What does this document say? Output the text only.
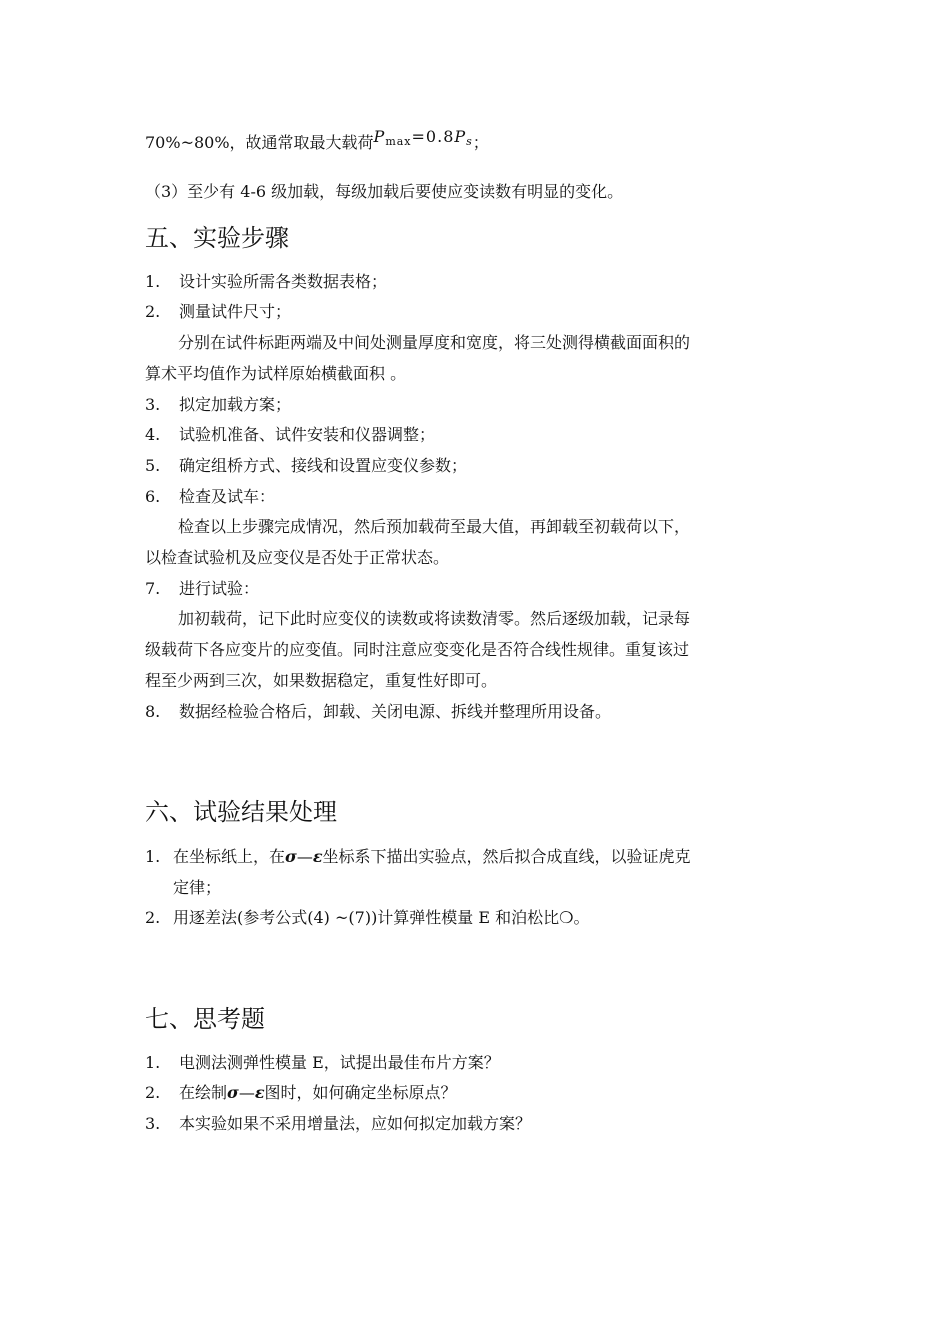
70%~80%，故通常取最大载荷Pmax=0.8Ps；
（3）至少有 4-6 级加载，每级加载后要使应变读数有明显的变化。
五、实验步骤
1. 设计实验所需各类数据表格；
2. 测量试件尺寸；
分别在试件标距两端及中间处测量厚度和宽度，将三处测得横截面面积的
算术平均值作为试样原始横截面积 。
3. 拟定加载方案；
4. 试验机准备、试件安装和仪器调整；
5. 确定组桥方式、接线和设置应变仪参数；
6. 检查及试车：
检查以上步骤完成情况，然后预加载荷至最大值，再卸载至初载荷以下，
以检查试验机及应变仪是否处于正常状态。
7. 进行试验：
加初载荷，记下此时应变仪的读数或将读数清零。然后逐级加载，记录每
级载荷下各应变片的应变值。同时注意应变变化是否符合线性规律。重复该过
程至少两到三次，如果数据稳定，重复性好即可。
8. 数据经检验合格后，卸载、关闭电源、拆线并整理所用设备。
六、试验结果处理
1. 在坐标纸上，在σ—ε坐标系下描出实验点，然后拟合成直线，以验证虎克
定律；
2. 用逐差法(参考公式(4) ~(7))计算弹性模量 E 和泊松比❍。
七、思考题
1. 电测法测弹性模量 E，试提出最佳布片方案？
2. 在绘制σ—ε图时，如何确定坐标原点？
3. 本实验如果不采用增量法，应如何拟定加载方案？
